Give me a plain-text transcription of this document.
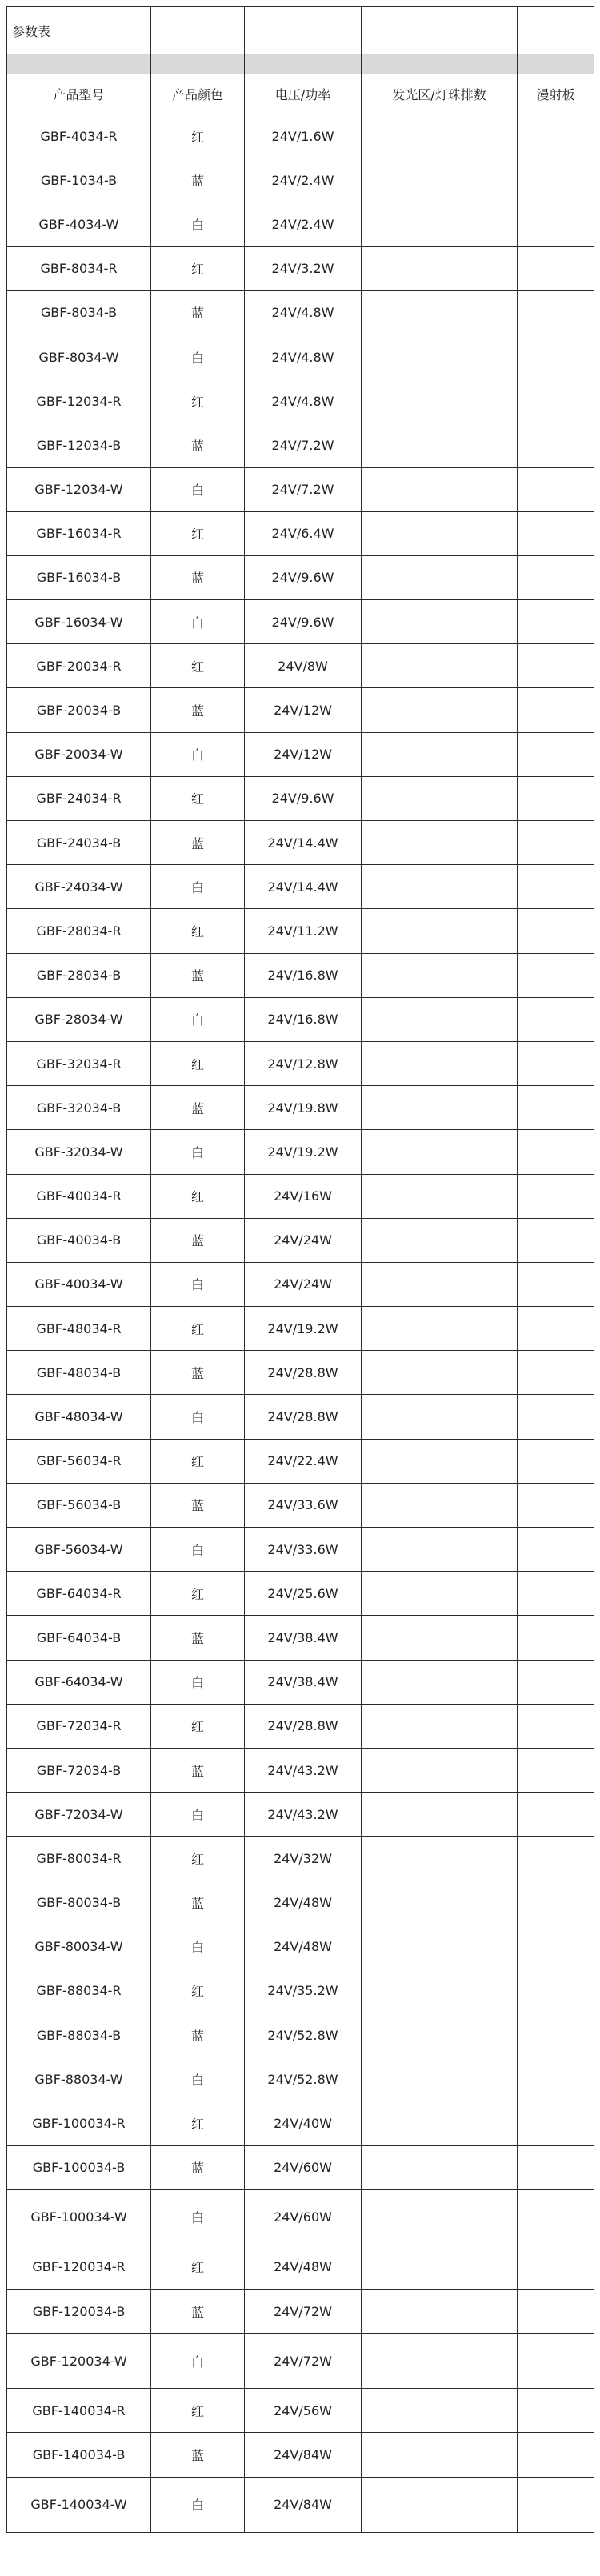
参数表				

产品型号	产品颜色	电压/功率	发光区/灯珠排数	漫射板
GBF-4034-R	红	24V/1.6W		
GBF-1034-B	蓝	24V/2.4W		
GBF-4034-W	白	24V/2.4W		
GBF-8034-R	红	24V/3.2W		
GBF-8034-B	蓝	24V/4.8W		
GBF-8034-W	白	24V/4.8W		
GBF-12034-R	红	24V/4.8W		
GBF-12034-B	蓝	24V/7.2W		
GBF-12034-W	白	24V/7.2W		
GBF-16034-R	红	24V/6.4W		
GBF-16034-B	蓝	24V/9.6W		
GBF-16034-W	白	24V/9.6W		
GBF-20034-R	红	24V/8W		
GBF-20034-B	蓝	24V/12W		
GBF-20034-W	白	24V/12W		
GBF-24034-R	红	24V/9.6W		
GBF-24034-B	蓝	24V/14.4W		
GBF-24034-W	白	24V/14.4W		
GBF-28034-R	红	24V/11.2W		
GBF-28034-B	蓝	24V/16.8W		
GBF-28034-W	白	24V/16.8W		
GBF-32034-R	红	24V/12.8W		
GBF-32034-B	蓝	24V/19.8W		
GBF-32034-W	白	24V/19.2W		
GBF-40034-R	红	24V/16W		
GBF-40034-B	蓝	24V/24W		
GBF-40034-W	白	24V/24W		
GBF-48034-R	红	24V/19.2W		
GBF-48034-B	蓝	24V/28.8W		
GBF-48034-W	白	24V/28.8W		
GBF-56034-R	红	24V/22.4W		
GBF-56034-B	蓝	24V/33.6W		
GBF-56034-W	白	24V/33.6W		
GBF-64034-R	红	24V/25.6W		
GBF-64034-B	蓝	24V/38.4W		
GBF-64034-W	白	24V/38.4W		
GBF-72034-R	红	24V/28.8W		
GBF-72034-B	蓝	24V/43.2W		
GBF-72034-W	白	24V/43.2W		
GBF-80034-R	红	24V/32W		
GBF-80034-B	蓝	24V/48W		
GBF-80034-W	白	24V/48W		
GBF-88034-R	红	24V/35.2W		
GBF-88034-B	蓝	24V/52.8W		
GBF-88034-W	白	24V/52.8W		
GBF-100034-R	红	24V/40W		
GBF-100034-B	蓝	24V/60W		
GBF-100034-W	白	24V/60W		
GBF-120034-R	红	24V/48W		
GBF-120034-B	蓝	24V/72W		
GBF-120034-W	白	24V/72W		
GBF-140034-R	红	24V/56W		
GBF-140034-B	蓝	24V/84W		
GBF-140034-W	白	24V/84W		
